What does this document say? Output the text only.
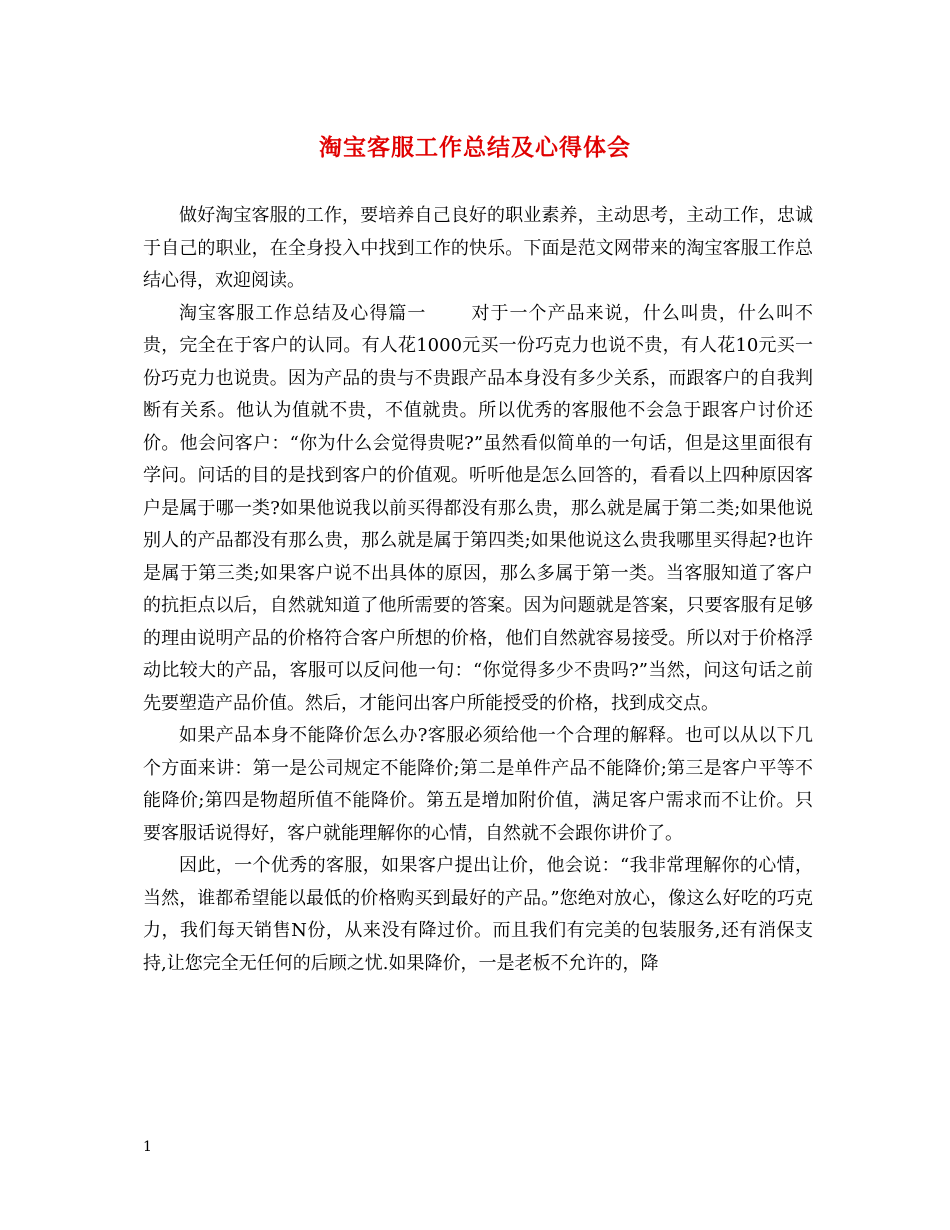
淘宝客服工作总结及心得体会

做好淘宝客服的工作，要培养自己良好的职业素养，主动思考，主动工作，忠诚于自己的职业，在全身投入中找到工作的快乐。下面是范文网带来的淘宝客服工作总结心得，欢迎阅读。

淘宝客服工作总结及心得篇一 对于一个产品来说，什么叫贵，什么叫不贵，完全在于客户的认同。有人花1000元买一份巧克力也说不贵，有人花10元买一份巧克力也说贵。因为产品的贵与不贵跟产品本身没有多少关系，而跟客户的自我判断有关系。他认为值就不贵，不值就贵。所以优秀的客服他不会急于跟客户讨价还价。他会问客户：“你为什么会觉得贵呢?”虽然看似简单的一句话，但是这里面很有学问。问话的目的是找到客户的价值观。听听他是怎么回答的，看看以上四种原因客户是属于哪一类?如果他说我以前买得都没有那么贵，那么就是属于第二类;如果他说别人的产品都没有那么贵，那么就是属于第四类;如果他说这么贵我哪里买得起?也许是属于第三类;如果客户说不出具体的原因，那么多属于第一类。当客服知道了客户的抗拒点以后，自然就知道了他所需要的答案。因为问题就是答案，只要客服有足够的理由说明产品的价格符合客户所想的价格，他们自然就容易接受。所以对于价格浮动比较大的产品，客服可以反问他一句：“你觉得多少不贵吗?”当然，问这句话之前先要塑造产品价值。然后，才能问出客户所能授受的价格，找到成交点。

如果产品本身不能降价怎么办?客服必须给他一个合理的解释。也可以从以下几个方面来讲：第一是公司规定不能降价;第二是单件产品不能降价;第三是客户平等不能降价;第四是物超所值不能降价。第五是增加附价值，满足客户需求而不让价。只要客服话说得好，客户就能理解你的心情，自然就不会跟你讲价了。

因此，一个优秀的客服，如果客户提出让价，他会说：“我非常理解你的心情，当然，谁都希望能以最低的价格购买到最好的产品。”您绝对放心，像这么好吃的巧克力，我们每天销售N份，从来没有降过价。而且我们有完美的包装服务,还有消保支持,让您完全无任何的后顾之忧.如果降价，一是老板不允许的，降

1
